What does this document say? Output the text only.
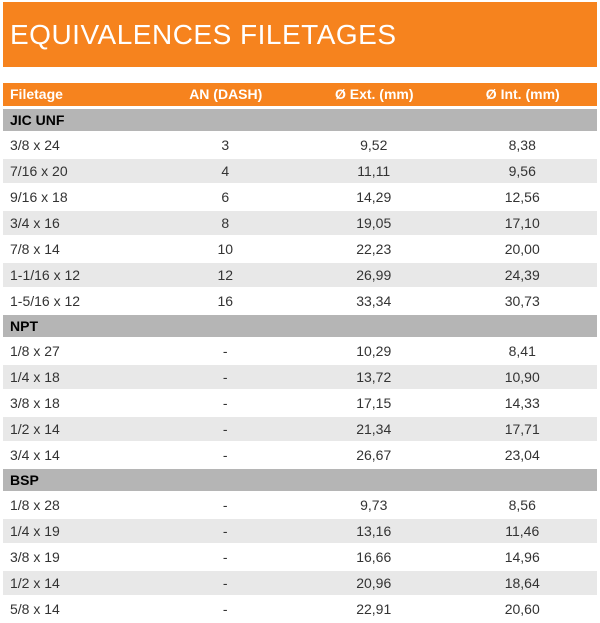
EQUIVALENCES FILETAGES
Filetage	AN (DASH)	Ø Ext. (mm)	Ø Int. (mm)
JIC UNF			
3/8 x 24	3	9,52	8,38
7/16 x 20	4	11,11	9,56
9/16 x 18	6	14,29	12,56
3/4 x 16	8	19,05	17,10
7/8 x 14	10	22,23	20,00
1-1/16 x 12	12	26,99	24,39
1-5/16 x 12	16	33,34	30,73
NPT			
1/8 x 27	-	10,29	8,41
1/4 x 18	-	13,72	10,90
3/8 x 18	-	17,15	14,33
1/2 x 14	-	21,34	17,71
3/4 x 14	-	26,67	23,04
BSP			
1/8 x 28	-	9,73	8,56
1/4 x 19	-	13,16	11,46
3/8 x 19	-	16,66	14,96
1/2 x 14	-	20,96	18,64
5/8 x 14	-	22,91	20,60
